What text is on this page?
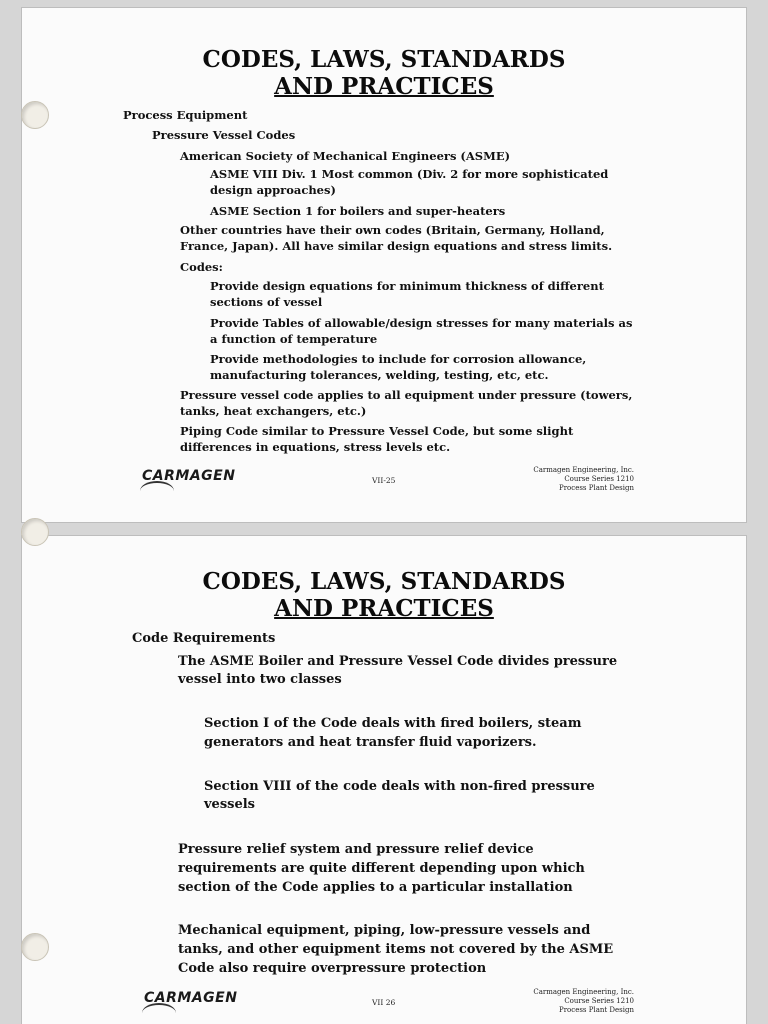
CODES, LAWS, STANDARDS
AND PRACTICES
Process Equipment
Pressure Vessel Codes
American Society of Mechanical Engineers (ASME)
ASME VIII Div. 1 Most common (Div. 2 for more sophisticated
design approaches)
ASME Section 1 for boilers and super-heaters
Other countries have their own codes (Britain, Germany, Holland,
France, Japan). All have similar design equations and stress limits.
Codes:
Provide design equations for minimum thickness of different
sections of vessel
Provide Tables of allowable/design stresses for many materials as
a function of temperature
Provide methodologies to include for corrosion allowance,
manufacturing tolerances, welding, testing, etc, etc.
Pressure vessel code applies to all equipment under pressure (towers,
tanks, heat exchangers, etc.)
Piping Code similar to Pressure Vessel Code, but some slight
differences in equations, stress levels etc.
CARMAGEN	VII-25
Carmagen Engineering, Inc.
Course Series 1210
Process Plant Design
CODES, LAWS, STANDARDS
AND PRACTICES
Code Requirements
The ASME Boiler and Pressure Vessel Code divides pressure
vessel into two classes
Section I of the Code deals with fired boilers, steam
generators and heat transfer fluid vaporizers.
Section VIII of the code deals with non-fired pressure
vessels
Pressure relief system and pressure relief device
requirements are quite different depending upon which
section of the Code applies to a particular installation
Mechanical equipment, piping, low-pressure vessels and
tanks, and other equipment items not covered by the ASME
Code also require overpressure protection
CARMAGEN	VII 26
Carmagen Engineering, Inc.
Course Series 1210
Process Plant Design
